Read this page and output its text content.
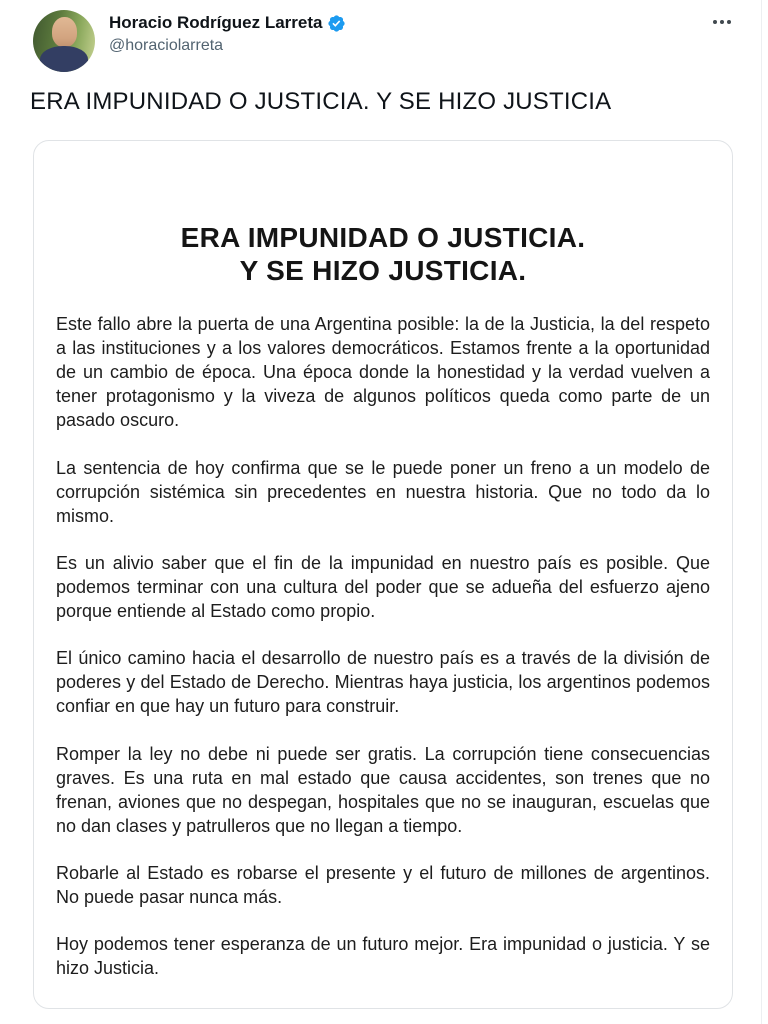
Horacio Rodríguez Larreta
@horaciolarreta
ERA IMPUNIDAD O JUSTICIA. Y SE HIZO JUSTICIA
ERA IMPUNIDAD O JUSTICIA.
Y SE HIZO JUSTICIA.

Este fallo abre la puerta de una Argentina posible: la de la Justicia, la del respeto a las instituciones y a los valores democráticos. Estamos frente a la oportunidad de un cambio de época. Una época donde la honestidad y la verdad vuelven a tener protagonismo y la viveza de algunos políticos queda como parte de un pasado oscuro.

La sentencia de hoy confirma que se le puede poner un freno a un modelo de corrupción sistémica sin precedentes en nuestra historia. Que no todo da lo mismo.

Es un alivio saber que el fin de la impunidad en nuestro país es posible. Que podemos terminar con una cultura del poder que se adueña del esfuerzo ajeno porque entiende al Estado como propio.

El único camino hacia el desarrollo de nuestro país es a través de la división de poderes y del Estado de Derecho. Mientras haya justicia, los argentinos podemos confiar en que hay un futuro para construir.

Romper la ley no debe ni puede ser gratis. La corrupción tiene consecuencias graves. Es una ruta en mal estado que causa accidentes, son trenes que no frenan, aviones que no despegan, hospitales que no se inauguran, escuelas que no dan clases y patrulleros que no llegan a tiempo.

Robarle al Estado es robarse el presente y el futuro de millones de argentinos. No puede pasar nunca más.

Hoy podemos tener esperanza de un futuro mejor. Era impunidad o justicia. Y se hizo Justicia.
